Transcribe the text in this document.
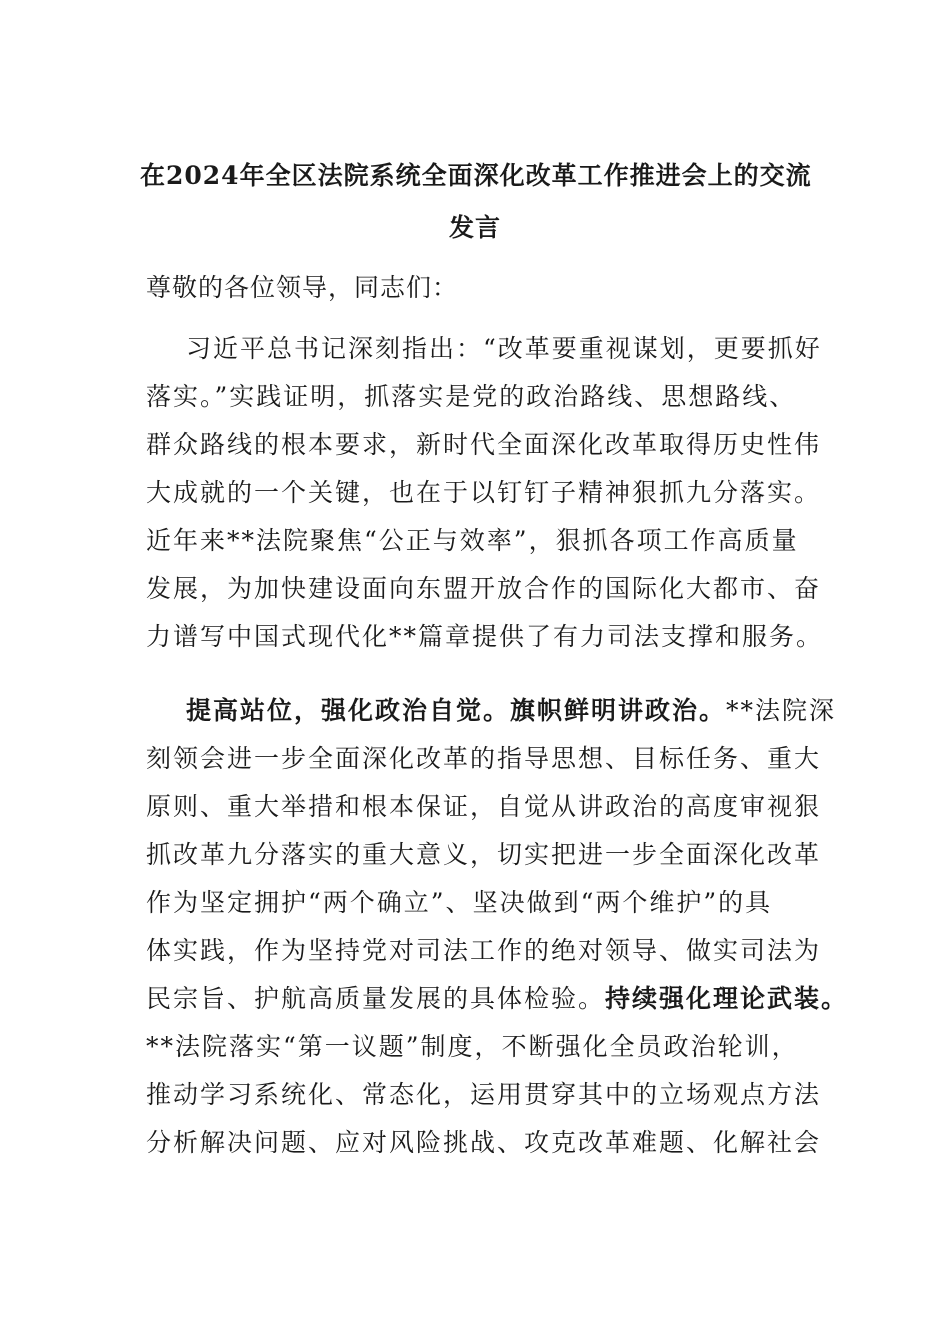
在2024年全区法院系统全面深化改革工作推进会上的交流
发言
尊敬的各位领导，同志们：
习近平总书记深刻指出：“改革要重视谋划，更要抓好
落实。”实践证明，抓落实是党的政治路线、思想路线、
群众路线的根本要求，新时代全面深化改革取得历史性伟
大成就的一个关键，也在于以钉钉子精神狠抓九分落实。
近年来**法院聚焦“公正与效率”，狠抓各项工作高质量
发展，为加快建设面向东盟开放合作的国际化大都市、奋
力谱写中国式现代化**篇章提供了有力司法支撑和服务。
提高站位，强化政治自觉。旗帜鲜明讲政治。**法院深
刻领会进一步全面深化改革的指导思想、目标任务、重大
原则、重大举措和根本保证，自觉从讲政治的高度审视狠
抓改革九分落实的重大意义，切实把进一步全面深化改革
作为坚定拥护“两个确立”、坚决做到“两个维护”的具
体实践，作为坚持党对司法工作的绝对领导、做实司法为
民宗旨、护航高质量发展的具体检验。持续强化理论武装。
**法院落实“第一议题”制度，不断强化全员政治轮训，
推动学习系统化、常态化，运用贯穿其中的立场观点方法
分析解决问题、应对风险挑战、攻克改革难题、化解社会
